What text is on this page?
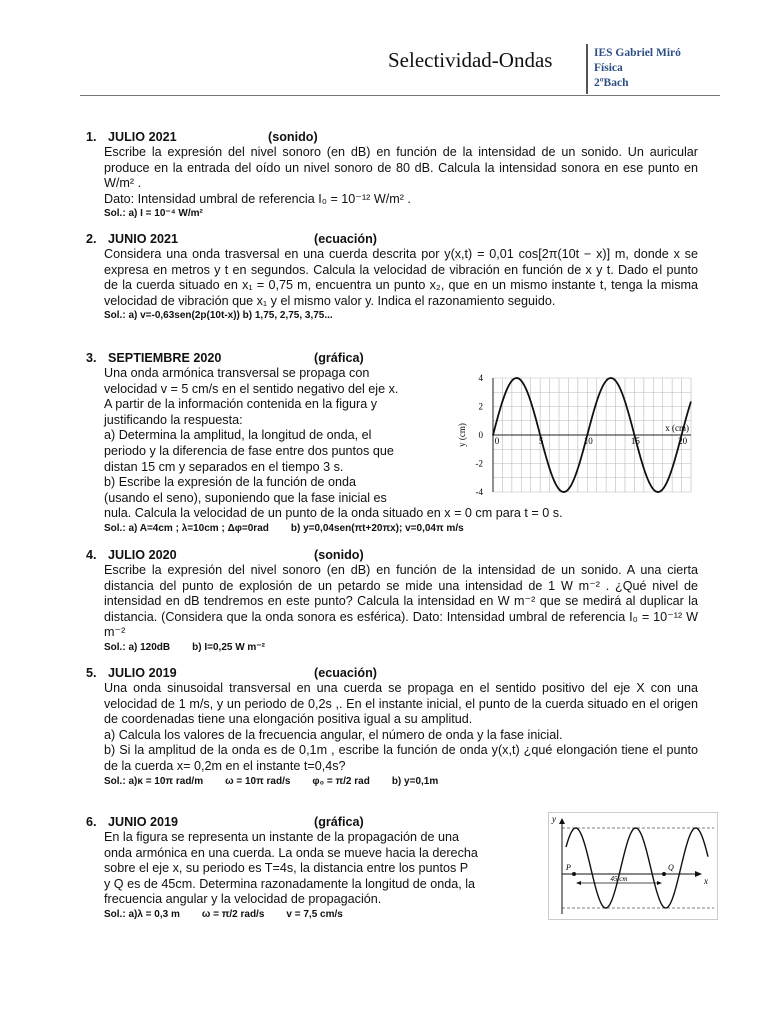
Selectividad-Ondas	IES Gabriel Miró
Física
2ºBach
1. JULIO 2021	(sonido)
Escribe la expresión del nivel sonoro (en dB) en función de la intensidad de un sonido. Un auricular produce en la entrada del oído un nivel sonoro de 80 dB. Calcula la intensidad sonora en ese punto en W/m² .
Dato: Intensidad umbral de referencia I₀ = 10⁻¹² W/m² .
Sol.: a) I = 10⁻⁴ W/m²
2. JUNIO 2021	(ecuación)
Considera una onda trasversal en una cuerda descrita por y(x,t) = 0,01 cos[2π(10t − x)] m, donde x se expresa en metros y t en segundos. Calcula la velocidad de vibración en función de x y t. Dado el punto de la cuerda situado en x₁ = 0,75 m, encuentra un punto x₂, que en un mismo instante t, tenga la misma velocidad de vibración que x₁ y el mismo valor y. Indica el razonamiento seguido.
Sol.: a) v=-0,63sen(2p(10t-x)) b) 1,75, 2,75, 3,75...
3. SEPTIEMBRE 2020	(gráfica)
Una onda armónica transversal se propaga con
velocidad v = 5 cm/s en el sentido negativo del eje x.
A partir de la información contenida en la figura y
justificando la respuesta:
a) Determina la amplitud, la longitud de onda, el
periodo y la diferencia de fase entre dos puntos que
distan 15 cm y separados en el tiempo 3 s.
b) Escribe la expresión de la función de onda
(usando el seno), suponiendo que la fase inicial es
nula. Calcula la velocidad de un punto de la onda situado en x = 0 cm para t = 0 s.
Sol.: a) A=4cm ; λ=10cm ; Δφ=0rad b) y=0,04sen(πt+20πx); v=0,04π m/s
-4
-2
0
2
4
0	5	10	15	20
x (cm)
y (cm)
4. JULIO 2020	(sonido)
Escribe la expresión del nivel sonoro (en dB) en función de la intensidad de un sonido. A una cierta distancia del punto de explosión de un petardo se mide una intensidad de 1 W m⁻² . ¿Qué nivel de intensidad en dB tendremos en este punto? Calcula la intensidad en W m⁻² que se medirá al duplicar la distancia. (Considera que la onda sonora es esférica). Dato: Intensidad umbral de referencia I₀ = 10⁻¹² W m⁻²
Sol.: a) 120dB b) I=0,25 W m⁻²
5. JULIO 2019	(ecuación)
Una onda sinusoidal transversal en una cuerda se propaga en el sentido positivo del eje X con una velocidad de 1 m/s, y un periodo de 0,2s ,. En el instante inicial, el punto de la cuerda situado en el origen de coordenadas tiene una elongación positiva igual a su amplitud.
a) Calcula los valores de la frecuencia angular, el número de onda y la fase inicial.
b) Si la amplitud de la onda es de 0,1m , escribe la función de onda y(x,t) ¿qué elongación tiene el punto de la cuerda x= 0,2m en el instante t=0,4s?
Sol.: a)κ = 10π rad/m ω = 10π rad/s φ₀ = π/2 rad b) y=0,1m
6. JUNIO 2019	(gráfica)
En la figura se representa un instante de la propagación de una
onda armónica en una cuerda. La onda se mueve hacia la derecha
sobre el eje x, su periodo es T=4s, la distancia entre los puntos P
y Q es de 45cm. Determina razonadamente la longitud de onda, la
frecuencia angular y la velocidad de propagación.
Sol.: a)λ = 0,3 m ω = π/2 rad/s v = 7,5 cm/s
y
x
P	Q
45 cm
